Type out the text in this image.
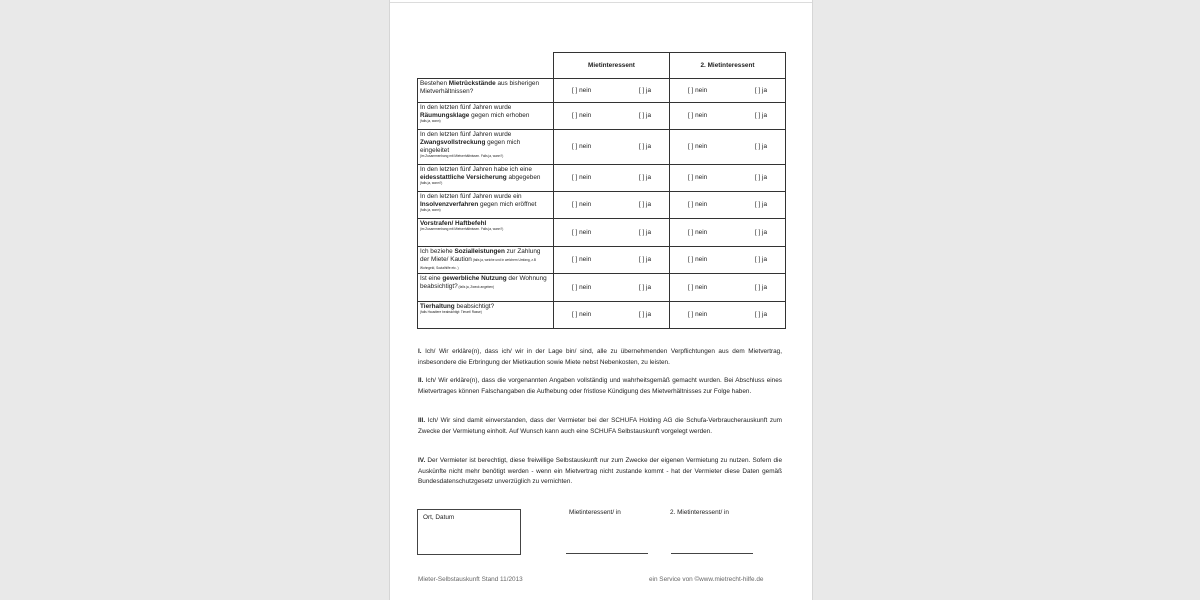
	Mietinteressent	2. Mietinteressent
Bestehen Mietrückstände aus bisherigen Mietverhältnissen?	[ ] nein [ ] ja	[ ] nein [ ] ja

In den letzten fünf Jahren wurde Räumungsklage gegen mich erhoben
(falls ja, wann)	[ ] nein [ ] ja	[ ] nein [ ] ja

In den letzten fünf Jahren wurde Zwangsvollstreckung gegen mich eingeleitet
(im Zusammenhang mit Mietverhältnissen. Falls ja, wann?)	[ ] nein [ ] ja	[ ] nein [ ] ja

In den letzten fünf Jahren habe ich eine eidesstattliche Versicherung abgegeben
(falls ja, wann?)	[ ] nein [ ] ja	[ ] nein [ ] ja

In den letzten fünf Jahren wurde ein Insolvenzverfahren gegen mich eröffnet
(falls ja, wann)	[ ] nein [ ] ja	[ ] nein [ ] ja

Vorstrafen/ Haftbefehl
(im Zusammenhang mit Mietverhältnissen. Falls ja, wann?)	[ ] nein [ ] ja	[ ] nein [ ] ja

Ich beziehe Sozialleistungen zur Zahlung der Miete/ Kaution (falls ja, welche und in welchem Umfang, z.B Wohngeld, Sozialhilfe etc. )	[ ] nein [ ] ja	[ ] nein [ ] ja

Ist eine gewerbliche Nutzung der Wohnung beabsichtigt? (falls ja, Zweck angeben)	[ ] nein [ ] ja	[ ] nein [ ] ja

Tierhaltung beabsichtigt?
(falls Haustiere beabsichtigt: Tierart/ Rasse)	[ ] nein [ ] ja	[ ] nein [ ] ja
I. Ich/ Wir erkläre(n), dass ich/ wir in der Lage bin/ sind, alle zu übernehmenden Verpflichtungen aus dem Mietvertrag, insbesondere die Erbringung der Mietkaution sowie Miete nebst Nebenkosten, zu leisten.
II. Ich/ Wir erkläre(n), dass die vorgenannten Angaben vollständig und wahrheitsgemäß gemacht wurden. Bei Abschluss eines Mietvertrages können Falschangaben die Aufhebung oder fristlose Kündigung des Mietverhältnisses zur Folge haben.
III. Ich/ Wir sind damit einverstanden, dass der Vermieter bei der SCHUFA Holding AG die Schufa-Verbraucherauskunft zum Zwecke der Vermietung einholt. Auf Wunsch kann auch eine SCHUFA Selbstauskunft vorgelegt werden.
IV. Der Vermieter ist berechtigt, diese freiwillige Selbstauskunft nur zum Zwecke der eigenen Vermietung zu nutzen. Sofern die Auskünfte nicht mehr benötigt werden - wenn ein Mietvertrag nicht zustande kommt - hat der Vermieter diese Daten gemäß Bundesdatenschutzgesetz unverzüglich zu vernichten.
Ort, Datum
Mietinteressent/ in	2. Mietinteressent/ in
Mieter-Selbstauskunft Stand 11/2013	ein Service von ©www.mietrecht-hilfe.de
